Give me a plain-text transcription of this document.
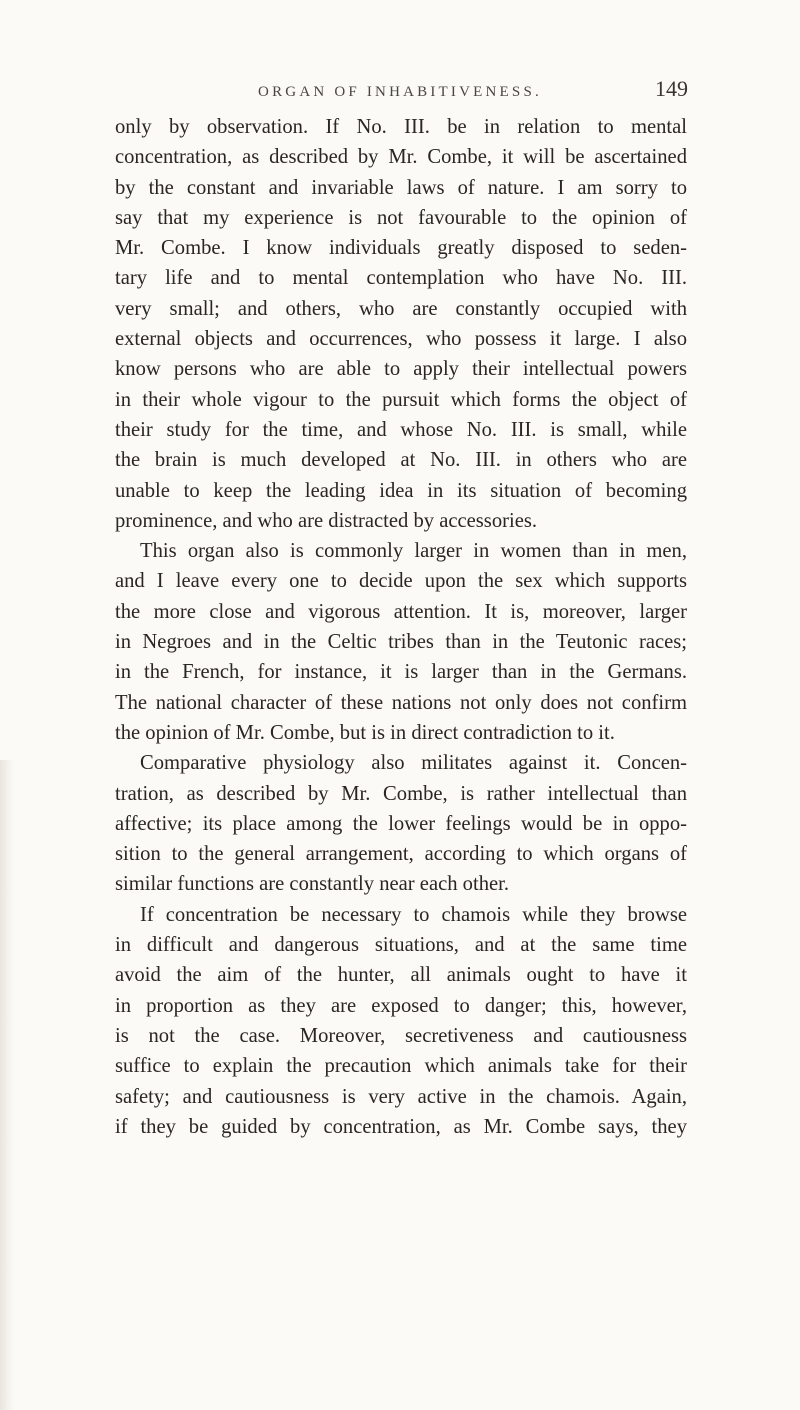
ORGAN OF INHABITIVENESS.	149
only by observation. If No. III. be in relation to mental
concentration, as described by Mr. Combe, it will be ascertained
by the constant and invariable laws of nature. I am sorry to
say that my experience is not favourable to the opinion of
Mr. Combe. I know individuals greatly disposed to seden-
tary life and to mental contemplation who have No. III.
very small; and others, who are constantly occupied with
external objects and occurrences, who possess it large. I also
know persons who are able to apply their intellectual powers
in their whole vigour to the pursuit which forms the object of
their study for the time, and whose No. III. is small, while
the brain is much developed at No. III. in others who are
unable to keep the leading idea in its situation of becoming
prominence, and who are distracted by accessories.
This organ also is commonly larger in women than in men,
and I leave every one to decide upon the sex which supports
the more close and vigorous attention. It is, moreover, larger
in Negroes and in the Celtic tribes than in the Teutonic races;
in the French, for instance, it is larger than in the Germans.
The national character of these nations not only does not confirm
the opinion of Mr. Combe, but is in direct contradiction to it.
Comparative physiology also militates against it. Concen-
tration, as described by Mr. Combe, is rather intellectual than
affective; its place among the lower feelings would be in oppo-
sition to the general arrangement, according to which organs of
similar functions are constantly near each other.
If concentration be necessary to chamois while they browse
in difficult and dangerous situations, and at the same time
avoid the aim of the hunter, all animals ought to have it
in proportion as they are exposed to danger; this, however,
is not the case. Moreover, secretiveness and cautiousness
suffice to explain the precaution which animals take for their
safety; and cautiousness is very active in the chamois. Again,
if they be guided by concentration, as Mr. Combe says, they
